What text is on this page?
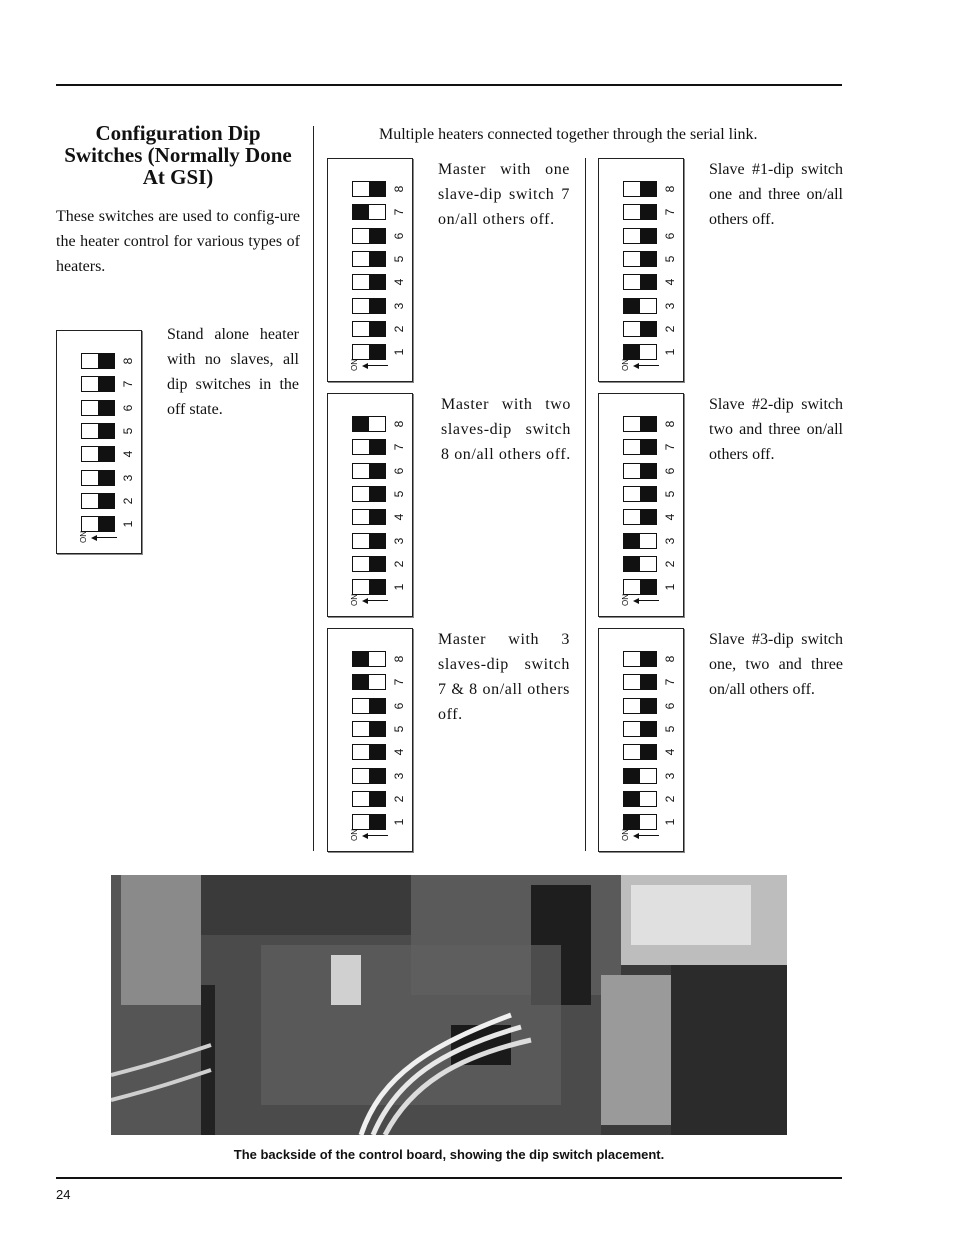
Configuration Dip Switches (Normally Done At GSI)
These switches are used to config-ure the heater control for various types of heaters.
Multiple heaters connected together through the serial link.
8
7
6
5
4
3
2
1
ON
Stand alone heater with no slaves, all dip switches in the off state.
8
7
6
5
4
3
2
1
ON
Master with one slave-dip switch 7 on/all others off.
8
7
6
5
4
3
2
1
ON
Slave #1-dip switch one and three on/all others off.
8
7
6
5
4
3
2
1
ON
Master with two slaves-dip switch 8 on/all others off.
8
7
6
5
4
3
2
1
ON
Slave #2-dip switch two and three on/all others off.
8
7
6
5
4
3
2
1
ON
Master with 3 slaves-dip switch 7 & 8 on/all others off.
8
7
6
5
4
3
2
1
ON
Slave #3-dip switch one, two and three on/all others off.
The backside of the control board, showing the dip switch placement.
24
